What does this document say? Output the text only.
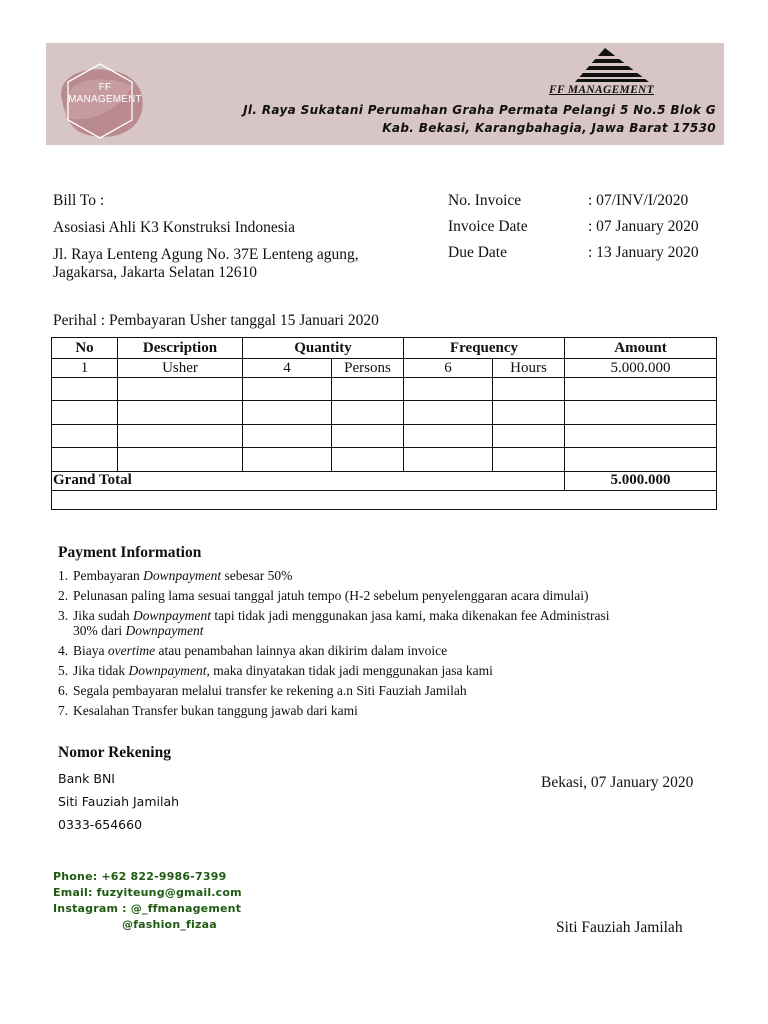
FF
MANAGEMENT
FF MANAGEMENT
Jl. Raya Sukatani Perumahan Graha Permata Pelangi 5 No.5 Blok G
Kab. Bekasi, Karangbahagia, Jawa Barat 17530
Bill To :
Asosiasi Ahli K3 Konstruksi Indonesia
Jl. Raya Lenteng Agung No. 37E Lenteng agung,
Jagakarsa, Jakarta Selatan 12610
No. Invoice	: 07/INV/I/2020
Invoice Date	: 07 January 2020
Due Date	: 13 January 2020
Perihal : Pembayaran Usher tanggal 15 Januari 2020
No	Description	Quantity		Frequency		Amount
1	Usher	4	Persons	6	Hours	5.000.000

Grand Total						5.000.000

Payment Information
1. Pembayaran Downpayment sebesar 50%
2. Pelunasan paling lama sesuai tanggal jatuh tempo (H-2 sebelum penyelenggaran acara dimulai)
3. Jika sudah Downpayment tapi tidak jadi menggunakan jasa kami, maka dikenakan fee Administrasi
30% dari Downpayment
4. Biaya overtime atau penambahan lainnya akan dikirim dalam invoice
5. Jika tidak Downpayment, maka dinyatakan tidak jadi menggunakan jasa kami
6. Segala pembayaran melalui transfer ke rekening a.n Siti Fauziah Jamilah
7. Kesalahan Transfer bukan tanggung jawab dari kami
Nomor Rekening
Bank BNI
Siti Fauziah Jamilah
0333-654660
Bekasi, 07 January 2020
Siti Fauziah Jamilah
Phone: +62 822-9986-7399
Email: fuzyiteung@gmail.com
Instagram : @_ffmanagement
@fashion_fizaa
